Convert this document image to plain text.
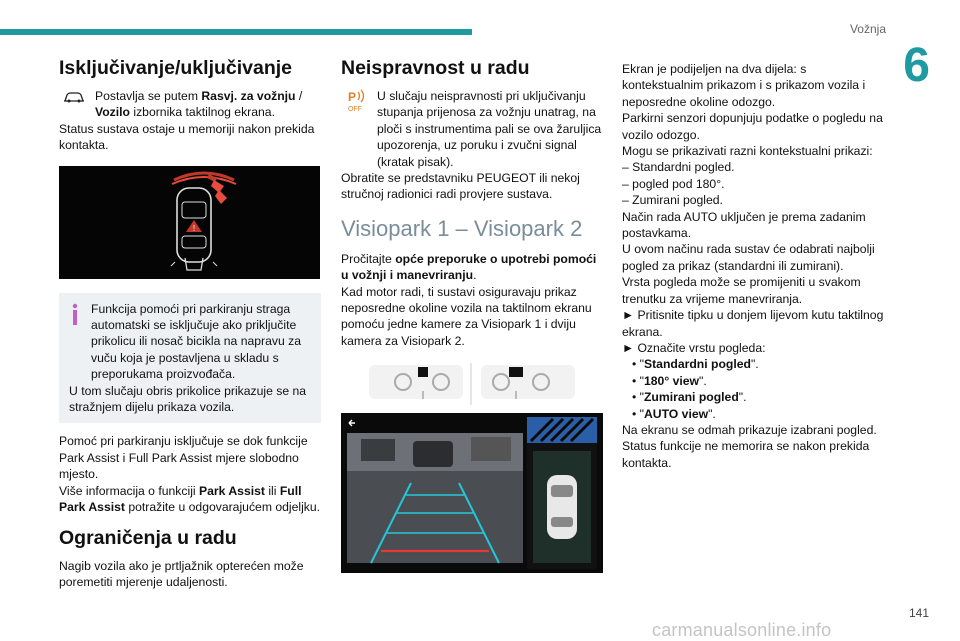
Vožnja
6
Isključivanje/uključivanje
Postavlja se putem Rasvj. za vožnju / Vozilo izbornika taktilnog ekrana.

Status sustava ostaje u memoriji nakon prekida kontakta.

!

Funkcija pomoći pri parkiranju straga automatski se isključuje ako priključite prikolicu ili nosač bicikla na napravu za vuču koja je postavljena u skladu s preporukama proizvođača.

U tom slučaju obris prikolice prikazuje se na stražnjem dijelu prikaza vozila.

Pomoć pri parkiranju isključuje se dok funkcije Park Assist i Full Park Assist mjere slobodno mjesto.

Više informacija o funkciji Park Assist ili Full Park Assist potražite u odgovarajućem odjeljku.

Ograničenja u radu

Nagib vozila ako je prtljažnik opterećen može poremetiti mjerenje udaljenosti.

Neispravnost u radu
P
OFF
U slučaju neispravnosti pri uključivanju stupanja prijenosa za vožnju unatrag, na ploči s instrumentima pali se ova žaruljica upozorenja, uz poruku i zvučni signal (kratak pisak).

Obratite se predstavniku PEUGEOT ili nekoj stručnoj radionici radi provjere sustava.

Visiopark 1 – Visiopark 2

Pročitajte opće preporuke o upotrebi pomoći u vožnji i manevriranju.

Kad motor radi, ti sustavi osiguravaju prikaz neposredne okoline vozila na taktilnom ekranu pomoću jedne kamere za Visiopark 1 i dviju kamera za Visiopark 2.

Ekran je podijeljen na dva dijela: s kontekstualnim prikazom i s prikazom vozila i neposredne okoline odozgo.

Parkirni senzori dopunjuju podatke o pogledu na vozilo odozgo.

Mogu se prikazivati razni kontekstualni prikazi:

– Standardni pogled.

– pogled pod 180°.

– Zumirani pogled.

Način rada AUTO uključen je prema zadanim postavkama.

U ovom načinu rada sustav će odabrati najbolji pogled za prikaz (standardni ili zumirani).

Vrsta pogleda može se promijeniti u svakom trenutku za vrijeme manevriranja.

► Pritisnite tipku u donjem lijevom kutu taktilnog ekrana.

► Označite vrstu pogleda:

• "Standardni pogled".

• "180° view".

• "Zumirani pogled".

• "AUTO view".

Na ekranu se odmah prikazuje izabrani pogled.

Status funkcije ne memorira se nakon prekida kontakta.

141
carmanualsonline.info
